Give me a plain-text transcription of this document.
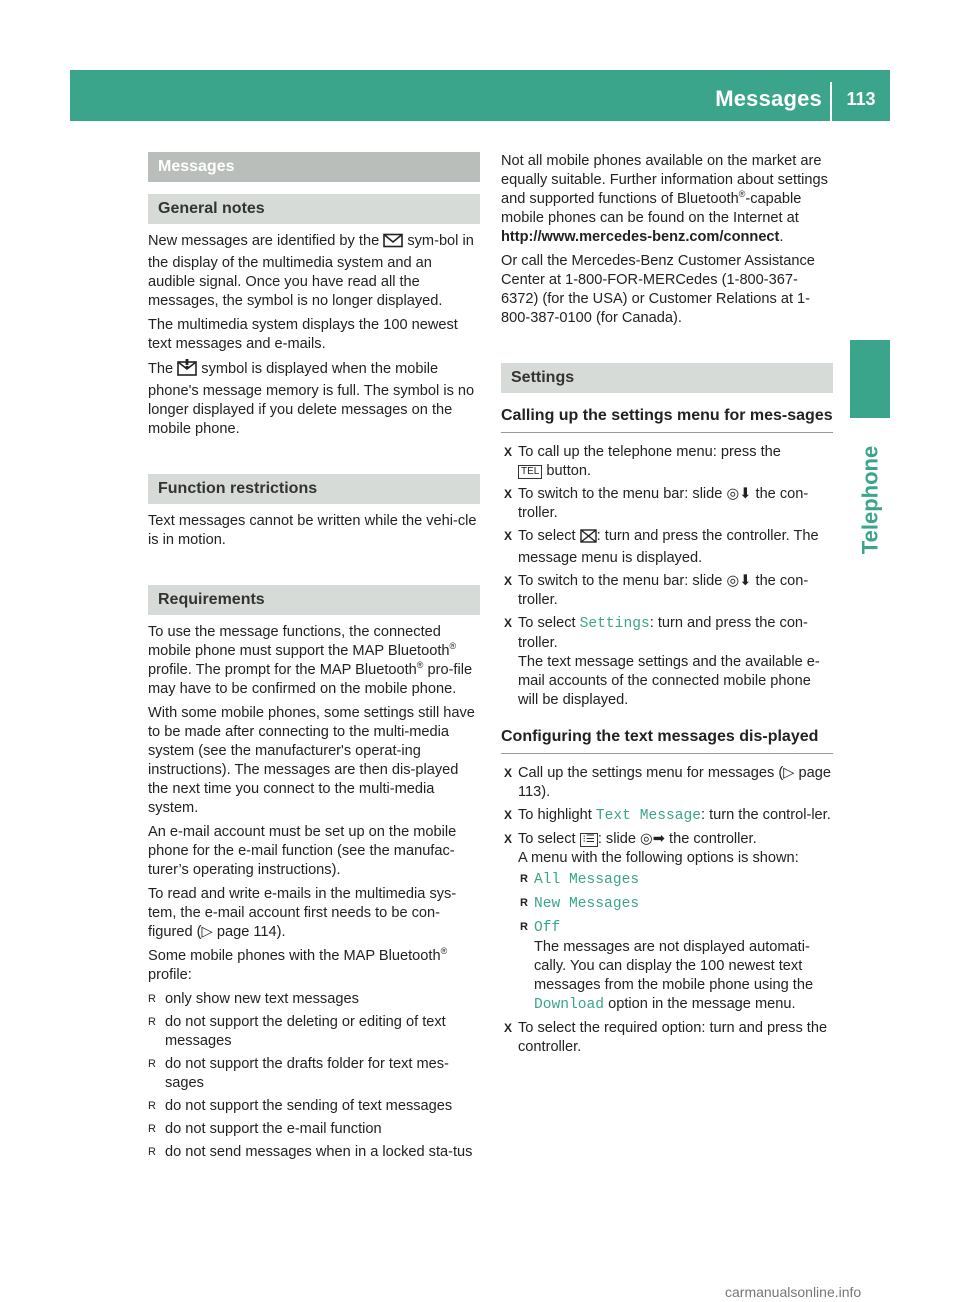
Messages	113
Telephone
Messages
General notes

New messages are identified by the sym-bol in the display of the multimedia system and an audible signal. Once you have read all the messages, the symbol is no longer displayed.

The multimedia system displays the 100 newest text messages and e-mails.

The symbol is displayed when the mobile phone's message memory is full. The symbol is no longer displayed if you delete messages on the mobile phone.

Function restrictions

Text messages cannot be written while the vehi-cle is in motion.

Requirements

To use the message functions, the connected mobile phone must support the MAP Bluetooth® profile. The prompt for the MAP Bluetooth® pro-file may have to be confirmed on the mobile phone.

With some mobile phones, some settings still have to be made after connecting to the multi-media system (see the manufacturer's operat-ing instructions). The messages are then dis-played the next time you connect to the multi-media system.

An e-mail account must be set up on the mobile phone for the e-mail function (see the manufac-turer’s operating instructions).

To read and write e-mails in the multimedia sys-tem, the e-mail account first needs to be con-figured (▷ page 114).

Some mobile phones with the MAP Bluetooth® profile:

R only show new text messages
R do not support the deleting or editing of text messages
R do not support the drafts folder for text mes-sages
R do not support the sending of text messages
R do not support the e-mail function
R do not send messages when in a locked sta-tus

Not all mobile phones available on the market are equally suitable. Further information about settings and supported functions of Bluetooth®-capable mobile phones can be found on the Internet at
http://www.mercedes-benz.com/connect.

Or call the Mercedes-Benz Customer Assistance Center at 1-800-FOR-MERCedes (1-800-367-6372) (for the USA) or Customer Relations at 1-800-387-0100 (for Canada).

Settings
Calling up the settings menu for mes-sages
X To call up the telephone menu: press the
TEL button.
X To switch to the menu bar: slide ◎⬇ the con-troller.
X To select : turn and press the controller. The message menu is displayed.
X To switch to the menu bar: slide ◎⬇ the con-troller.
X To select Settings: turn and press the con-troller.
The text message settings and the available e-mail accounts of the connected mobile phone will be displayed.
Configuring the text messages dis-played
X Call up the settings menu for messages (▷ page 113).
X To highlight Text Message: turn the control-ler.
X To select ⁝☰ : slide ◎➡ the controller.
A menu with the following options is shown:
R All Messages
R New Messages
R Off
The messages are not displayed automati-cally. You can display the 100 newest text messages from the mobile phone using the Download option in the message menu.
X To select the required option: turn and press the controller.
carmanualsonline.info
